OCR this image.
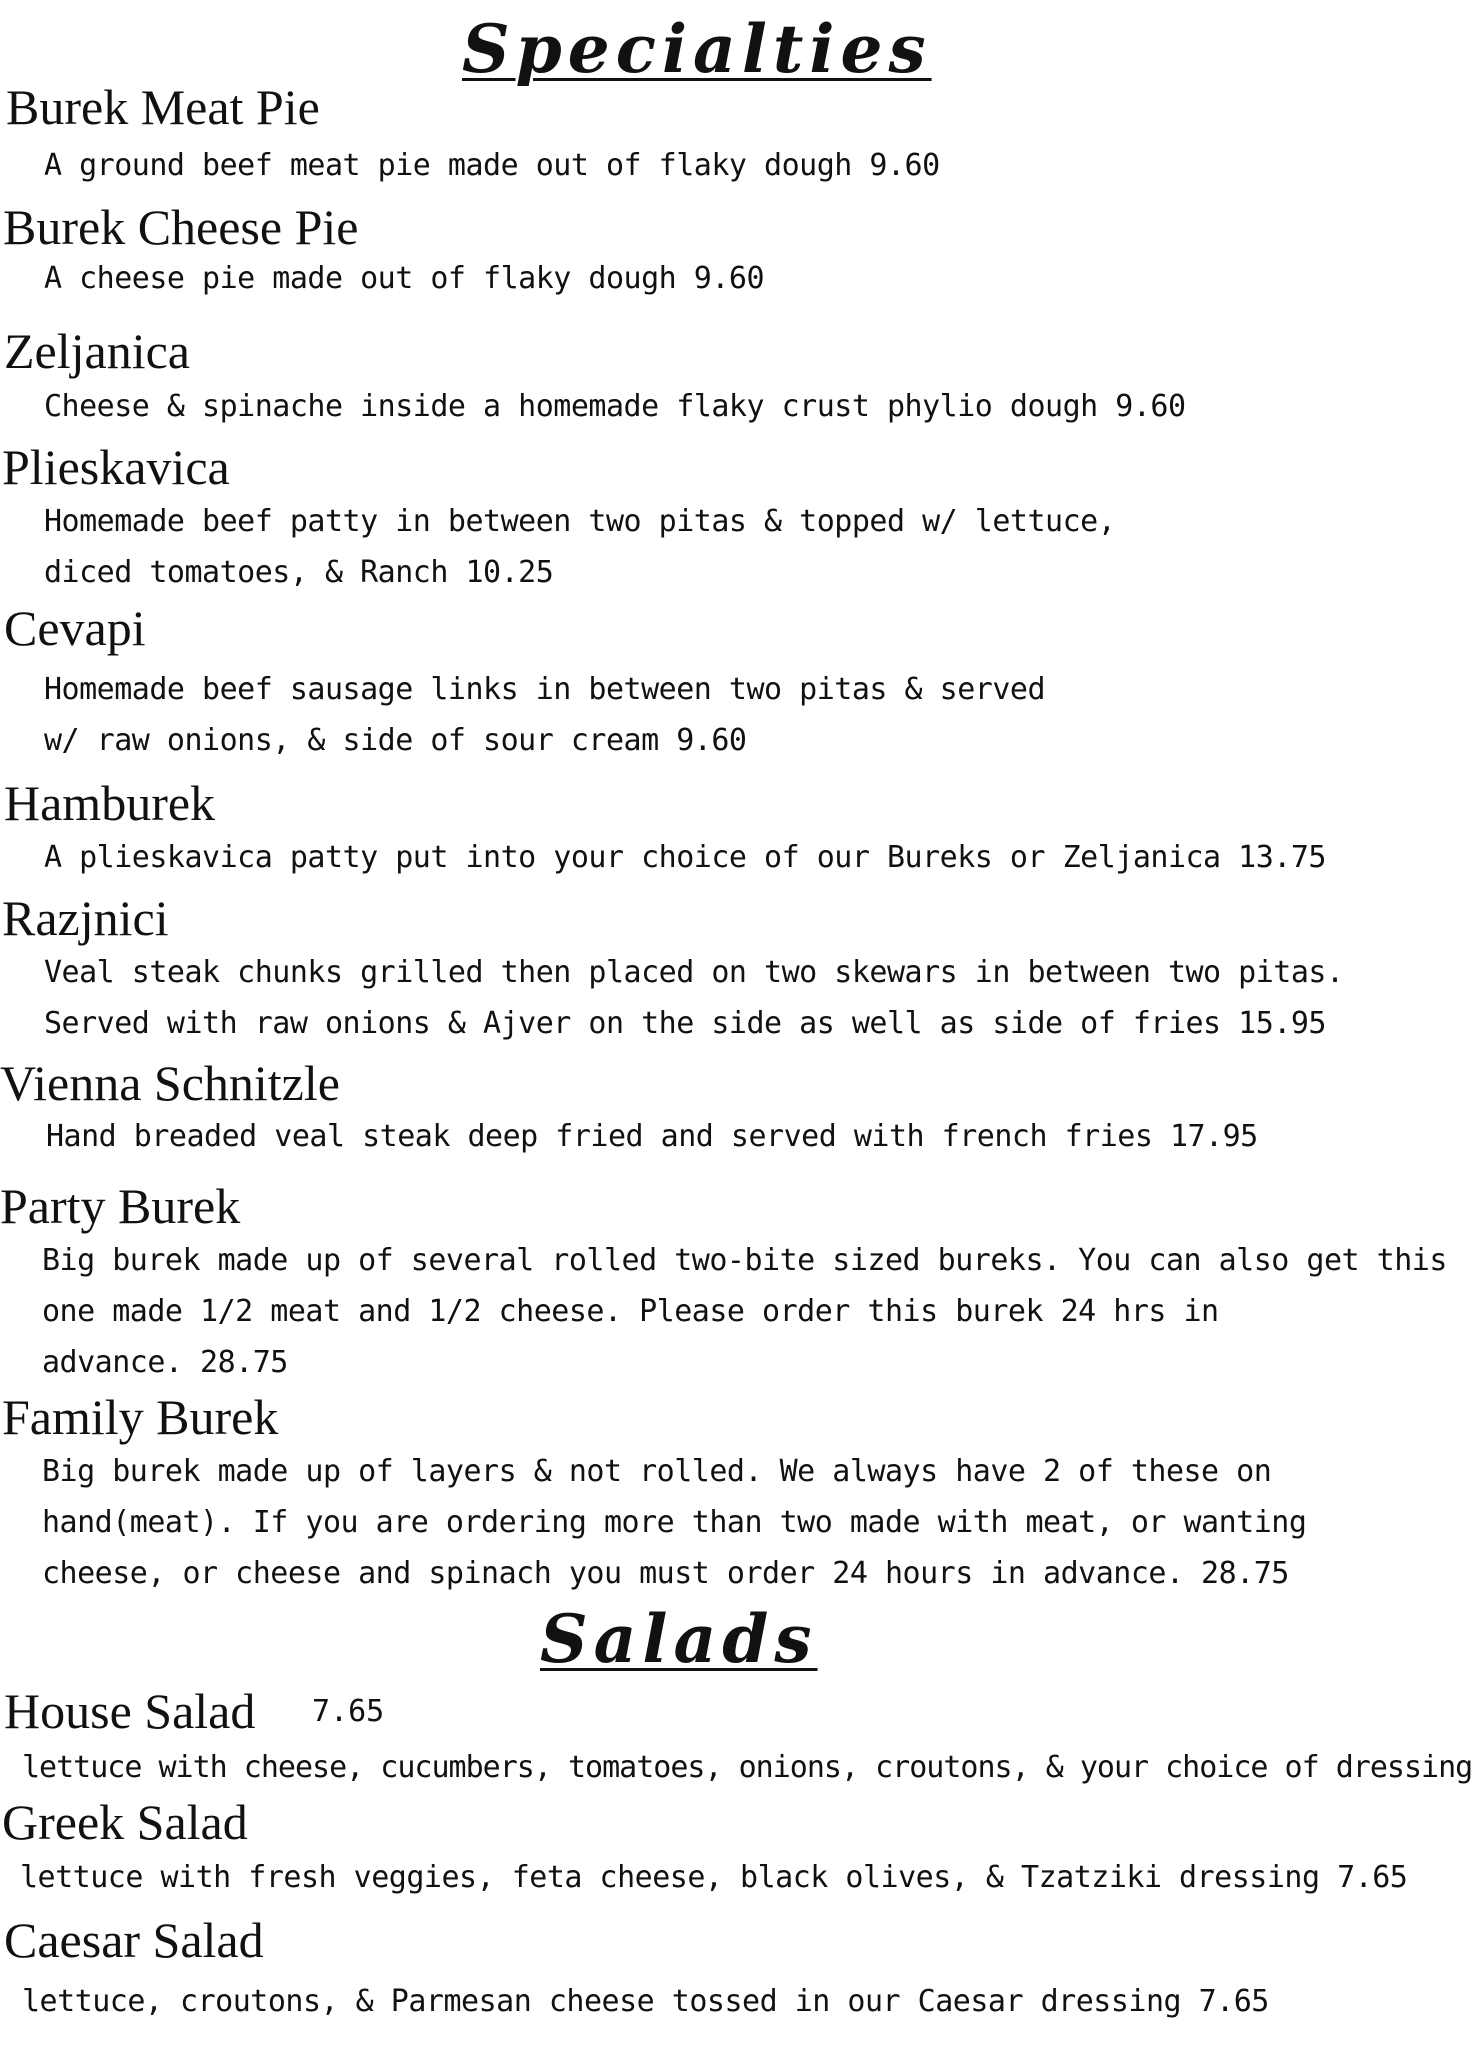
Specialties
Burek Meat Pie
A ground beef meat pie made out of flaky dough 9.60
Burek Cheese Pie
A cheese pie made out of flaky dough 9.60
Zeljanica
Cheese & spinache inside a homemade flaky crust phylio dough 9.60
Plieskavica
Homemade beef patty in between two pitas & topped w/ lettuce,
diced tomatoes, & Ranch 10.25
Cevapi
Homemade beef sausage links in between two pitas & served
w/ raw onions, & side of sour cream 9.60
Hamburek
A plieskavica patty put into your choice of our Bureks or Zeljanica 13.75
Razjnici
Veal steak chunks grilled then placed on two skewars in between two pitas.
Served with raw onions & Ajver on the side as well as side of fries 15.95
Vienna Schnitzle
Hand breaded veal steak deep fried and served with french fries 17.95
Party Burek
Big burek made up of several rolled two-bite sized bureks. You can also get this
one made 1/2 meat and 1/2 cheese. Please order this burek 24 hrs in
advance. 28.75
Family Burek
Big burek made up of layers & not rolled. We always have 2 of these on
hand(meat). If you are ordering more than two made with meat, or wanting
cheese, or cheese and spinach you must order 24 hours in advance. 28.75
Salads
House Salad 7.65
lettuce with cheese, cucumbers, tomatoes, onions, croutons, & your choice of dressing
Greek Salad
lettuce with fresh veggies, feta cheese, black olives, & Tzatziki dressing 7.65
Caesar Salad
lettuce, croutons, & Parmesan cheese tossed in our Caesar dressing 7.65
